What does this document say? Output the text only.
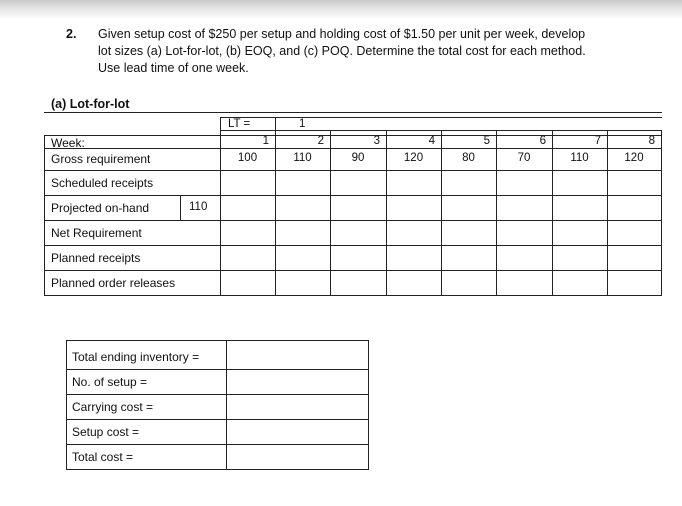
2. Given setup cost of $250 per setup and holding cost of $1.50 per unit per week, develop
lot sizes (a) Lot-for-lot, (b) EOQ, and (c) POQ. Determine the total cost for each method.
Use lead time of one week.
(a) Lot-for-lot
LT =	1
Week:
Gross requirement
Scheduled receipts
Projected on-hand
Net Requirement
Planned receipts
Planned order releases
110
1
100
2
110
3
90
4
120
5
80
6
70
7
110
8
120
Total ending inventory =
No. of setup =
Carrying cost =
Setup cost =
Total cost =
